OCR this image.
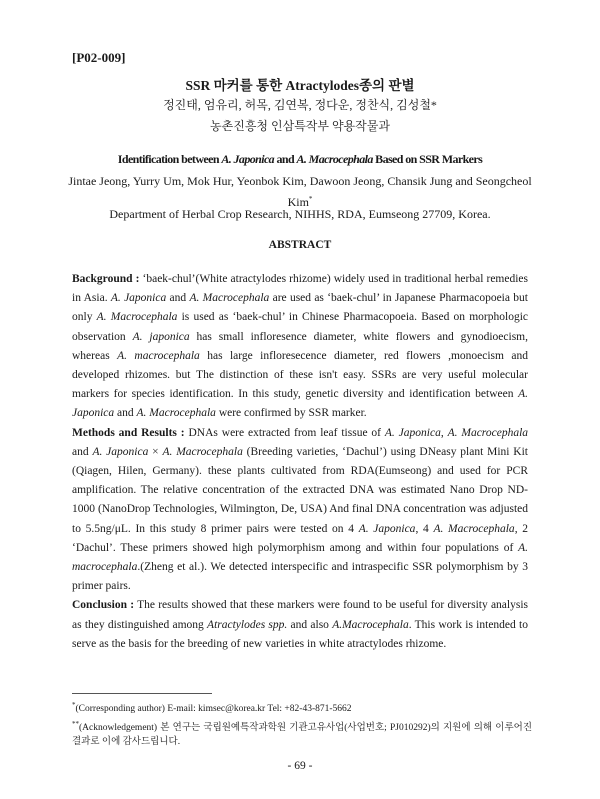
[P02-009]
SSR 마커를 통한 Atractylodes종의 판별
정진태, 엄유리, 허목, 김연복, 정다운, 정찬식, 김성철*
농촌진흥청 인삼특작부 약용작물과
Identification between A. Japonica and A. Macrocephala Based on SSR Markers
Jintae Jeong, Yurry Um, Mok Hur, Yeonbok Kim, Dawoon Jeong, Chansik Jung and Seongcheol Kim*
Department of Herbal Crop Research, NIHHS, RDA, Eumseong 27709, Korea.
ABSTRACT

Background : ‘baek-chul’(White atractylodes rhizome) widely used in traditional herbal remedies in Asia. A. Japonica and A. Macrocephala are used as ‘baek-chul’ in Japanese Pharmacopoeia but only A. Macrocephala is used as ‘baek-chul’ in Chinese Pharmacopoeia. Based on morphologic observation A. japonica has small infloresence diameter, white flowers and gynodioecism, whereas A. macrocephala has large infloresecence diameter, red flowers ,monoecism and developed rhizomes. but The distinction of these isn't easy. SSRs are very useful molecular markers for species identification. In this study, genetic diversity and identification between A. Japonica and A. Macrocephala were confirmed by SSR marker.

Methods and Results : DNAs were extracted from leaf tissue of A. Japonica, A. Macrocephala and A. Japonica × A. Macrocephala (Breeding varieties, ‘Dachul’) using DNeasy plant Mini Kit (Qiagen, Hilen, Germany). these plants cultivated from RDA(Eumseong) and used for PCR amplification. The relative concentration of the extracted DNA was estimated Nano Drop ND-1000 (NanoDrop Technologies, Wilmington, De, USA) And final DNA concentration was adjusted to 5.5ng/μL. In this study 8 primer pairs were tested on 4 A. Japonica, 4 A. Macrocephala, 2 ‘Dachul’. These primers showed high polymorphism among and within four populations of A. macrocephala.(Zheng et al.). We detected interspecific and intraspecific SSR polymorphism by 3 primer pairs.

Conclusion : The results showed that these markers were found to be useful for diversity analysis as they distinguished among Atractylodes spp. and also A.Macrocephala. This work is intended to serve as the basis for the breeding of new varieties in white atractylodes rhizome.

*(Corresponding author) E-mail: kimsec@korea.kr Tel: +82-43-871-5662

**(Acknowledgement) 본 연구는 국립원예특작과학원 기관고유사업(사업번호; PJ010292)의 지원에 의해 이루어진 결과로 이에 감사드립니다.

- 69 -
